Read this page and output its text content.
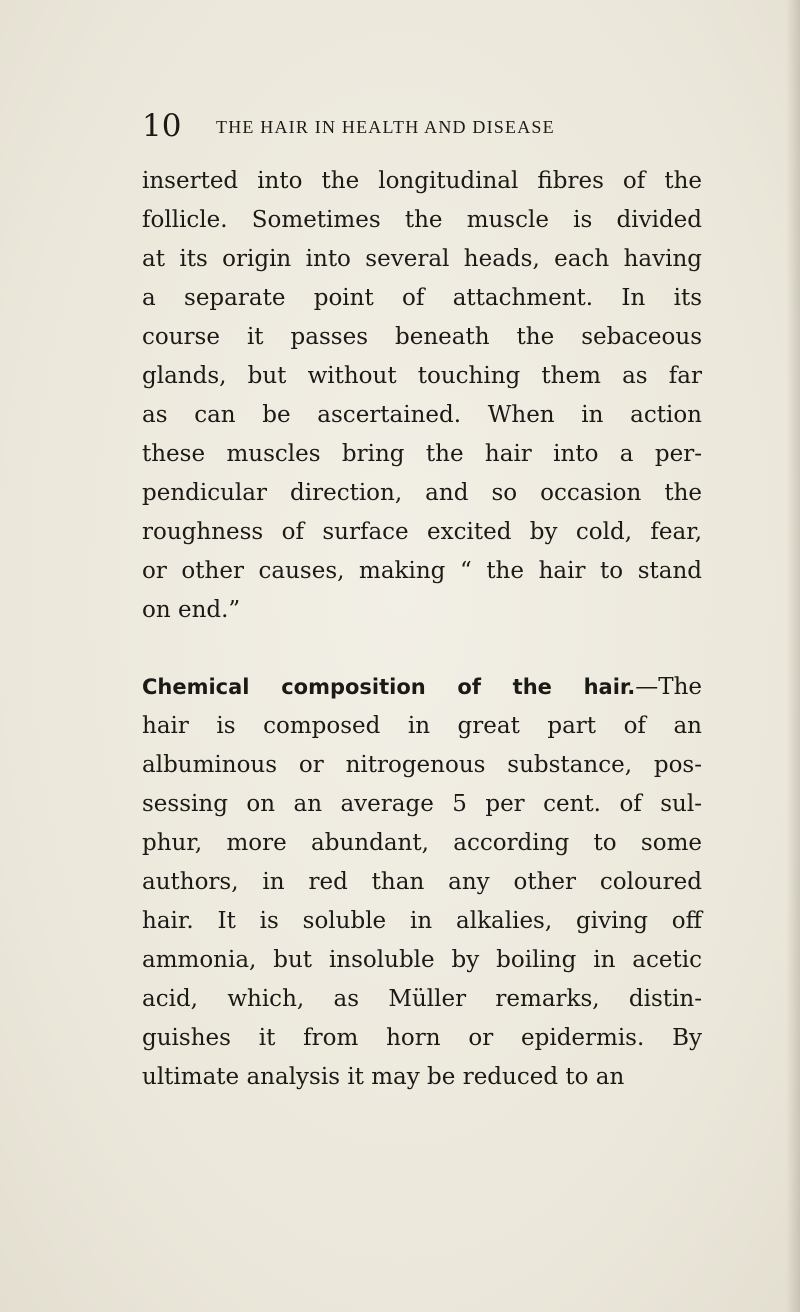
10 THE HAIR IN HEALTH AND DISEASE
inserted into the longitudinal fibres of the
follicle. Sometimes the muscle is divided
at its origin into several heads, each having
a separate point of attachment. In its
course it passes beneath the sebaceous
glands, but without touching them as far
as can be ascertained. When in action
these muscles bring the hair into a per-
pendicular direction, and so occasion the
roughness of surface excited by cold, fear,
or other causes, making “ the hair to stand
on end.”
Chemical composition of the hair.—The
hair is composed in great part of an
albuminous or nitrogenous substance, pos-
sessing on an average 5 per cent. of sul-
phur, more abundant, according to some
authors, in red than any other coloured
hair. It is soluble in alkalies, giving off
ammonia, but insoluble by boiling in acetic
acid, which, as Müller remarks, distin-
guishes it from horn or epidermis. By
ultimate analysis it may be reduced to an
